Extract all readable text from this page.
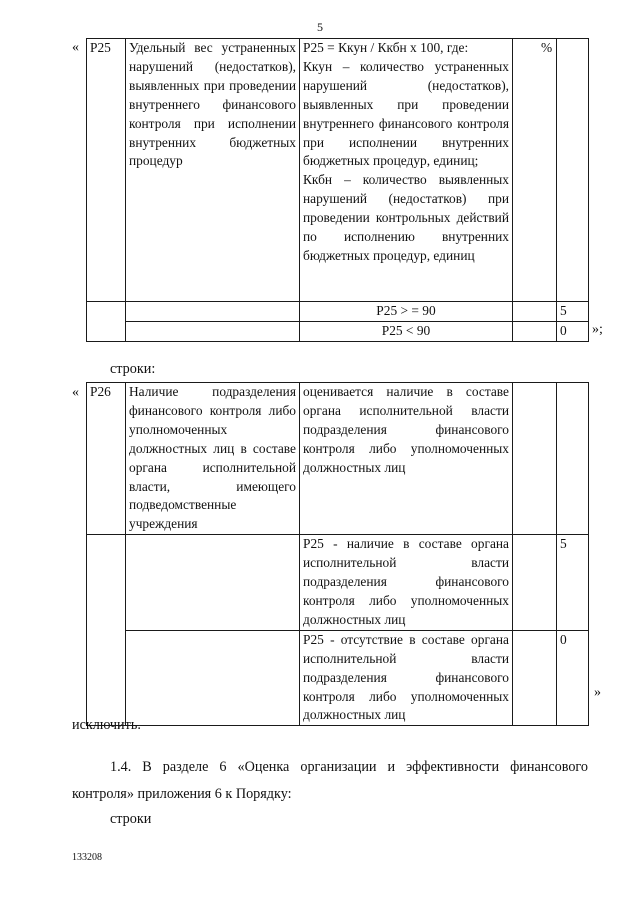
5
« Р25	Удельный вес устраненных нарушений (недостатков), выявленных при проведении внутреннего финансового контроля при исполнении внутренних бюджетных процедур	Р25 = Ккун / Ккбн х 100, где:
Ккун – количество устраненных нарушений (недостатков), выявленных при проведении внутреннего финансового контроля при исполнении внутренних бюджетных процедур, единиц;
Ккбн – количество выявленных нарушений (недостатков) при проведении контрольных действий по исполнению внутренних бюджетных процедур, единиц	%	
		Р25 > = 90		5
		Р25 < 90		0 »;
строки:
« Р26	Наличие подразделения финансового контроля либо уполномоченных должностных лиц в составе органа исполнительной власти, имеющего подведомственные учреждения	оценивается наличие в составе органа исполнительной власти подразделения финансового контроля либо уполномоченных должностных лиц		
		Р25 - наличие в составе органа исполнительной власти подразделения финансового контроля либо уполномоченных должностных лиц		5
		Р25 - отсутствие в составе органа исполнительной власти подразделения финансового контроля либо уполномоченных должностных лиц		0
»
исключить.
1.4. В разделе 6 «Оценка организации и эффективности финансового контроля» приложения 6 к Порядку:
строки
133208
